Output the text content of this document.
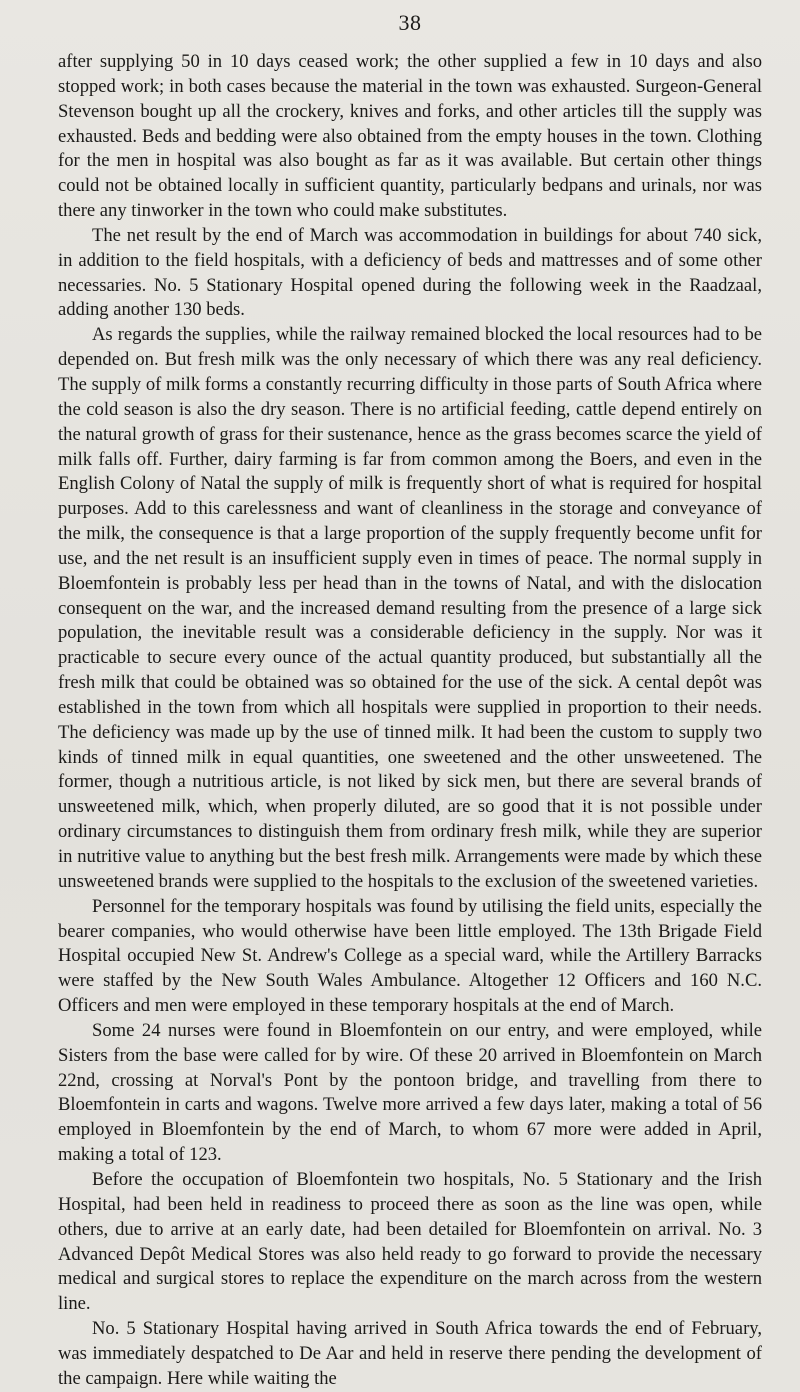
38

after supplying 50 in 10 days ceased work; the other supplied a few in 10 days and also stopped work; in both cases because the material in the town was exhausted. Surgeon-General Stevenson bought up all the crockery, knives and forks, and other articles till the supply was exhausted. Beds and bedding were also obtained from the empty houses in the town. Clothing for the men in hospital was also bought as far as it was available. But certain other things could not be obtained locally in sufficient quantity, particularly bedpans and urinals, nor was there any tinworker in the town who could make substitutes.

The net result by the end of March was accommodation in buildings for about 740 sick, in addition to the field hospitals, with a deficiency of beds and mattresses and of some other necessaries. No. 5 Stationary Hospital opened during the following week in the Raadzaal, adding another 130 beds.

As regards the supplies, while the railway remained blocked the local resources had to be depended on. But fresh milk was the only necessary of which there was any real deficiency. The supply of milk forms a constantly recurring difficulty in those parts of South Africa where the cold season is also the dry season. There is no artificial feeding, cattle depend entirely on the natural growth of grass for their sustenance, hence as the grass becomes scarce the yield of milk falls off. Further, dairy farming is far from common among the Boers, and even in the English Colony of Natal the supply of milk is frequently short of what is required for hospital purposes. Add to this carelessness and want of cleanliness in the storage and conveyance of the milk, the consequence is that a large proportion of the supply frequently become unfit for use, and the net result is an insufficient supply even in times of peace. The normal supply in Bloemfontein is probably less per head than in the towns of Natal, and with the dislocation consequent on the war, and the increased demand resulting from the presence of a large sick population, the inevitable result was a considerable deficiency in the supply. Nor was it practicable to secure every ounce of the actual quantity produced, but substantially all the fresh milk that could be obtained was so obtained for the use of the sick. A cental depôt was established in the town from which all hospitals were supplied in proportion to their needs. The deficiency was made up by the use of tinned milk. It had been the custom to supply two kinds of tinned milk in equal quantities, one sweetened and the other unsweetened. The former, though a nutritious article, is not liked by sick men, but there are several brands of unsweetened milk, which, when properly diluted, are so good that it is not possible under ordinary circumstances to distinguish them from ordinary fresh milk, while they are superior in nutritive value to anything but the best fresh milk. Arrangements were made by which these unsweetened brands were supplied to the hospitals to the exclusion of the sweetened varieties.

Personnel for the temporary hospitals was found by utilising the field units, especially the bearer companies, who would otherwise have been little employed. The 13th Brigade Field Hospital occupied New St. Andrew's College as a special ward, while the Artillery Barracks were staffed by the New South Wales Ambulance. Altogether 12 Officers and 160 N.C. Officers and men were employed in these temporary hospitals at the end of March.

Some 24 nurses were found in Bloemfontein on our entry, and were employed, while Sisters from the base were called for by wire. Of these 20 arrived in Bloemfontein on March 22nd, crossing at Norval's Pont by the pontoon bridge, and travelling from there to Bloemfontein in carts and wagons. Twelve more arrived a few days later, making a total of 56 employed in Bloemfontein by the end of March, to whom 67 more were added in April, making a total of 123.

Before the occupation of Bloemfontein two hospitals, No. 5 Stationary and the Irish Hospital, had been held in readiness to proceed there as soon as the line was open, while others, due to arrive at an early date, had been detailed for Bloemfontein on arrival. No. 3 Advanced Depôt Medical Stores was also held ready to go forward to provide the necessary medical and surgical stores to replace the expenditure on the march across from the western line.

No. 5 Stationary Hospital having arrived in South Africa towards the end of February, was immediately despatched to De Aar and held in reserve there pending the development of the campaign. Here while waiting the
